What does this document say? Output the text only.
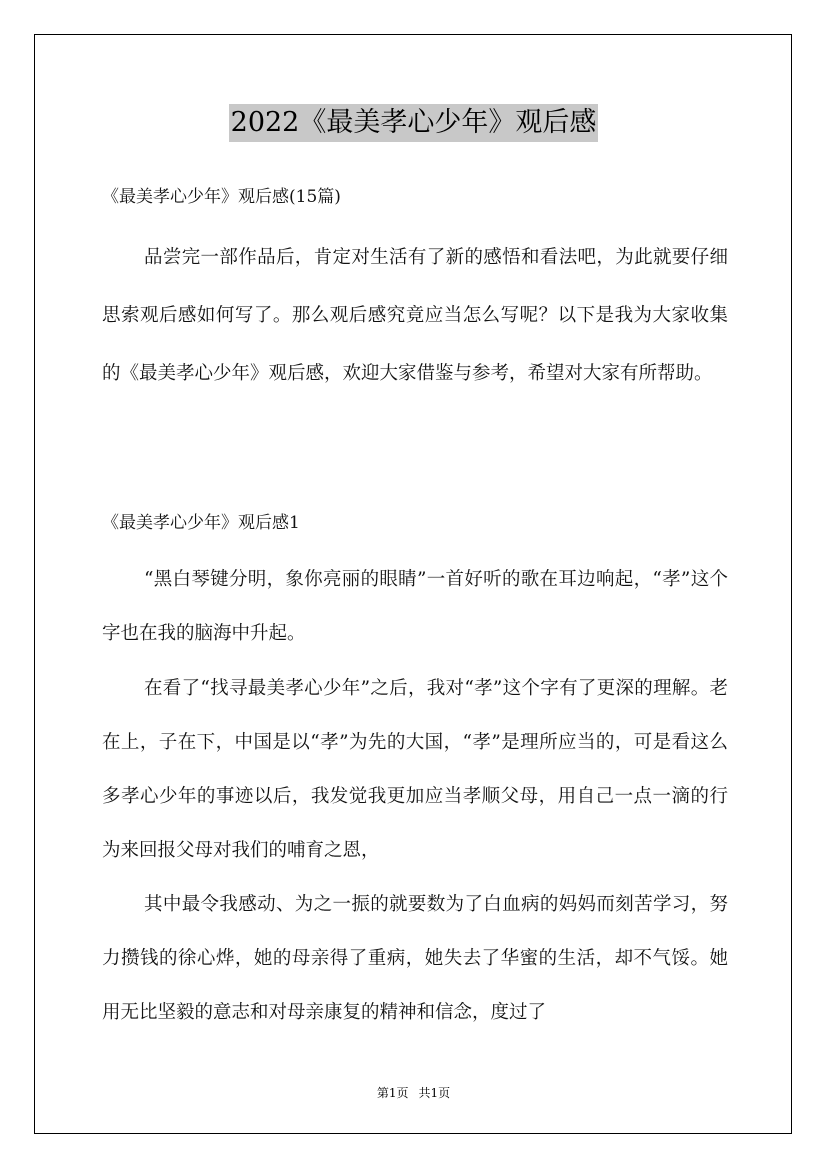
2022《最美孝心少年》观后感
《最美孝心少年》观后感(15篇)

品尝完一部作品后，肯定对生活有了新的感悟和看法吧，为此就要仔细思索观后感如何写了。那么观后感究竟应当怎么写呢？以下是我为大家收集的《最美孝心少年》观后感，欢迎大家借鉴与参考，希望对大家有所帮助。

《最美孝心少年》观后感1

“黑白琴键分明，象你亮丽的眼睛”一首好听的歌在耳边响起，“孝”这个字也在我的脑海中升起。

在看了“找寻最美孝心少年”之后，我对“孝”这个字有了更深的理解。老在上，子在下，中国是以“孝”为先的大国，“孝”是理所应当的，可是看这么多孝心少年的事迹以后，我发觉我更加应当孝顺父母，用自己一点一滴的行为来回报父母对我们的哺育之恩，

其中最令我感动、为之一振的就要数为了白血病的妈妈而刻苦学习，努力攒钱的徐心烨，她的母亲得了重病，她失去了华蜜的生活，却不气馁。她用无比坚毅的意志和对母亲康复的精神和信念，度过了

第1页 共1页
